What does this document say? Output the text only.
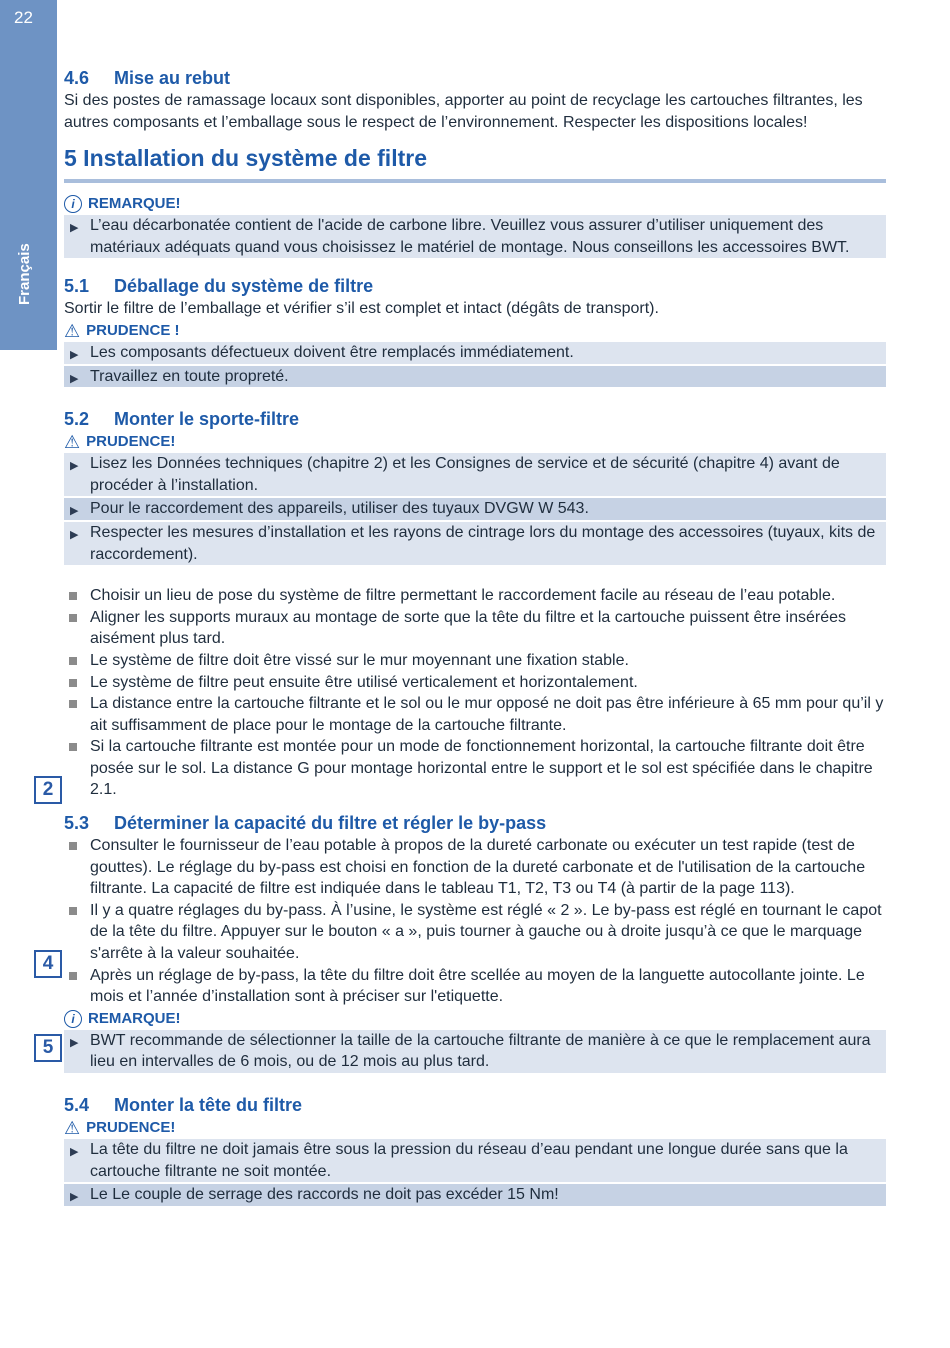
22
Français
2
4
5
4.6 Mise au rebut

Si des postes de ramassage locaux sont disponibles, apporter au point de recyclage les cartouches filtrantes, les autres composants et l’emballage sous le respect de l’environnement. Respecter les dispositions locales!

5 Installation du système de filtre
i REMARQUE!
▶ L’eau décarbonatée contient de l'acide de carbone libre. Veuillez vous assurer d’utiliser uniquement des matériaux adéquats quand vous choisissez le matériel de montage. Nous conseillons les accessoires BWT.
5.1 Déballage du système de filtre

Sortir le filtre de l’emballage et vérifier s’il est complet et intact (dégâts de transport).

⚠ PRUDENCE !
▶ Les composants défectueux doivent être remplacés immédiatement.
▶ Travaillez en toute propreté.
5.2 Monter le sporte-filtre
⚠ PRUDENCE!
▶ Lisez les Données techniques (chapitre 2) et les Consignes de service et de sécurité (chapitre 4) avant de procéder à l’installation.
▶ Pour le raccordement des appareils, utiliser des tuyaux DVGW W 543.
▶ Respecter les mesures d’installation et les rayons de cintrage lors du montage des accessoires (tuyaux, kits de raccordement).
Choisir un lieu de pose du système de filtre permettant le raccordement facile au réseau de l’eau potable.
Aligner les supports muraux au montage de sorte que la tête du filtre et la cartouche puissent être insérées aisément plus tard.
Le système de filtre doit être vissé sur le mur moyennant une fixation stable.
Le système de filtre peut ensuite être utilisé verticalement et horizontalement.
La distance entre la cartouche filtrante et le sol ou le mur opposé ne doit pas être inférieure à 65 mm pour qu’il y ait suffisamment de place pour le montage de la cartouche filtrante.
Si la cartouche filtrante est montée pour un mode de fonctionnement horizontal, la cartouche filtrante doit être posée sur le sol. La distance G pour montage horizontal entre le support et le sol est spécifiée dans le chapitre 2.1.
5.3 Déterminer la capacité du filtre et régler le by-pass
Consulter le fournisseur de l’eau potable à propos de la dureté carbonate ou exécuter un test rapide (test de gouttes). Le réglage du by-pass est choisi en fonction de la dureté carbonate et de l'utilisation de la cartouche filtrante. La capacité de filtre est indiquée dans le tableau T1, T2, T3 ou T4 (à partir de la page 113).
Il y a quatre réglages du by-pass. À l’usine, le système est réglé « 2 ». Le by-pass est réglé en tournant le capot de la tête du filtre. Appuyer sur le bouton « a », puis tourner à gauche ou à droite jusqu’à ce que le marquage s'arrête à la valeur souhaitée.
Après un réglage de by-pass, la tête du filtre doit être scellée au moyen de la languette autocollante jointe. Le mois et l’année d’installation sont à préciser sur l'etiquette.
i REMARQUE!
▶ BWT recommande de sélectionner la taille de la cartouche filtrante de manière à ce que le remplacement aura lieu en intervalles de 6 mois, ou de 12 mois au plus tard.
5.4 Monter la tête du filtre
⚠ PRUDENCE!
▶ La tête du filtre ne doit jamais être sous la pression du réseau d’eau pendant une longue durée sans que la cartouche filtrante ne soit montée.
▶ Le Le couple de serrage des raccords ne doit pas excéder 15 Nm!
